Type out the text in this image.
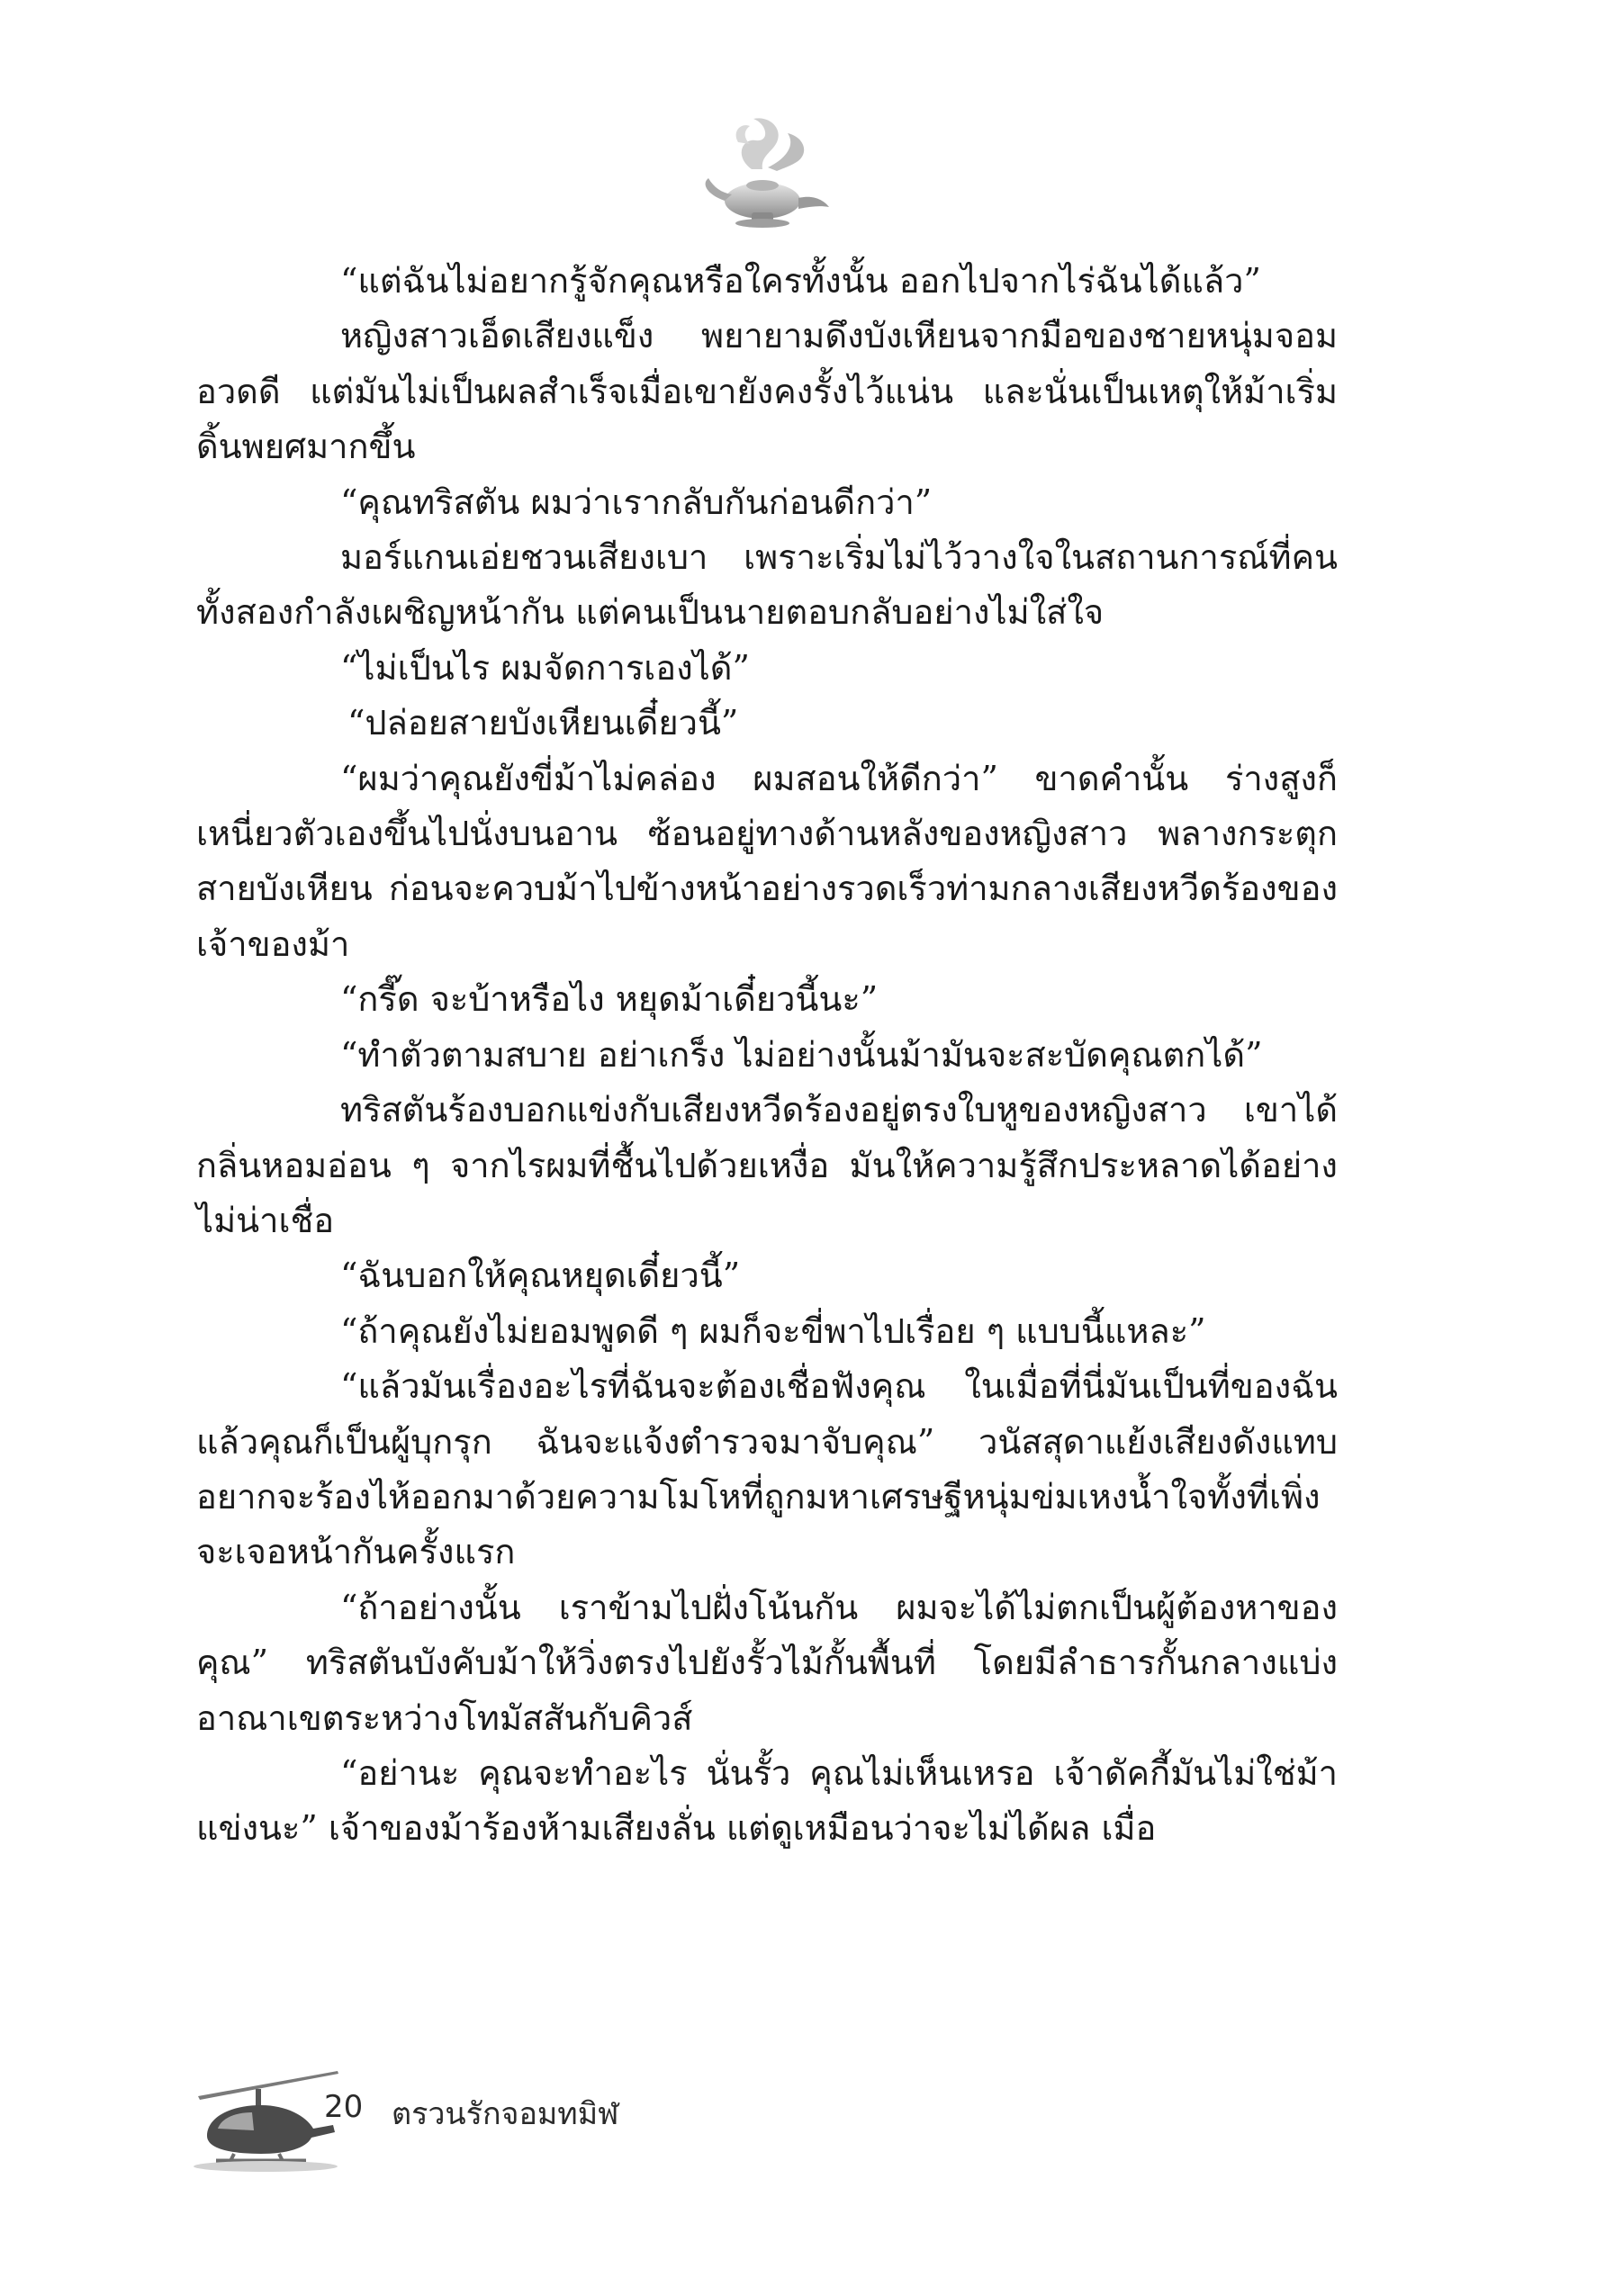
“แต่ฉันไม่อยากรู้จักคุณหรือใครทั้งนั้น ออกไปจากไร่ฉันได้แล้ว”

หญิงสาวเอ็ดเสียงแข็ง พยายามดึงบังเหียนจากมือของชายหนุ่มจอมอวดดี แต่มันไม่เป็นผลสำเร็จเมื่อเขายังคงรั้งไว้แน่น และนั่นเป็นเหตุให้ม้าเริ่มดิ้นพยศมากขึ้น

“คุณทริสตัน ผมว่าเรากลับกันก่อนดีกว่า”

มอร์แกนเอ่ยชวนเสียงเบา เพราะเริ่มไม่ไว้วางใจในสถานการณ์ที่คนทั้งสองกำลังเผชิญหน้ากัน แต่คนเป็นนายตอบกลับอย่างไม่ใส่ใจ

“ไม่เป็นไร ผมจัดการเองได้”

“ปล่อยสายบังเหียนเดี๋ยวนี้”

“ผมว่าคุณยังขี่ม้าไม่คล่อง ผมสอนให้ดีกว่า” ขาดคำนั้น ร่างสูงก็เหนี่ยวตัวเองขึ้นไปนั่งบนอาน ซ้อนอยู่ทางด้านหลังของหญิงสาว พลางกระตุกสายบังเหียน ก่อนจะควบม้าไปข้างหน้าอย่างรวดเร็วท่ามกลางเสียงหวีดร้องของเจ้าของม้า

“กรี๊ด จะบ้าหรือไง หยุดม้าเดี๋ยวนี้นะ”

“ทำตัวตามสบาย อย่าเกร็ง ไม่อย่างนั้นม้ามันจะสะบัดคุณตกได้”

ทริสตันร้องบอกแข่งกับเสียงหวีดร้องอยู่ตรงใบหูของหญิงสาว เขาได้กลิ่นหอมอ่อน ๆ จากไรผมที่ชื้นไปด้วยเหงื่อ มันให้ความรู้สึกประหลาดได้อย่างไม่น่าเชื่อ

“ฉันบอกให้คุณหยุดเดี๋ยวนี้”

“ถ้าคุณยังไม่ยอมพูดดี ๆ ผมก็จะขี่พาไปเรื่อย ๆ แบบนี้แหละ”

“แล้วมันเรื่องอะไรที่ฉันจะต้องเชื่อฟังคุณ ในเมื่อที่นี่มันเป็นที่ของฉันแล้วคุณก็เป็นผู้บุกรุก ฉันจะแจ้งตำรวจมาจับคุณ” วนัสสุดาแย้งเสียงดังแทบอยากจะร้องไห้ออกมาด้วยความโมโหที่ถูกมหาเศรษฐีหนุ่มข่มเหงน้ำใจทั้งที่เพิ่งจะเจอหน้ากันครั้งแรก

“ถ้าอย่างนั้น เราข้ามไปฝั่งโน้นกัน ผมจะได้ไม่ตกเป็นผู้ต้องหาของคุณ” ทริสตันบังคับม้าให้วิ่งตรงไปยังรั้วไม้กั้นพื้นที่ โดยมีลำธารกั้นกลางแบ่งอาณาเขตระหว่างโทมัสสันกับคิวส์

“อย่านะ คุณจะทำอะไร นั่นรั้ว คุณไม่เห็นเหรอ เจ้าดัคกี้มันไม่ใช่ม้าแข่งนะ” เจ้าของม้าร้องห้ามเสียงลั่น แต่ดูเหมือนว่าจะไม่ได้ผล เมื่อ

20 ตรวนรักจอมทมิฬ
